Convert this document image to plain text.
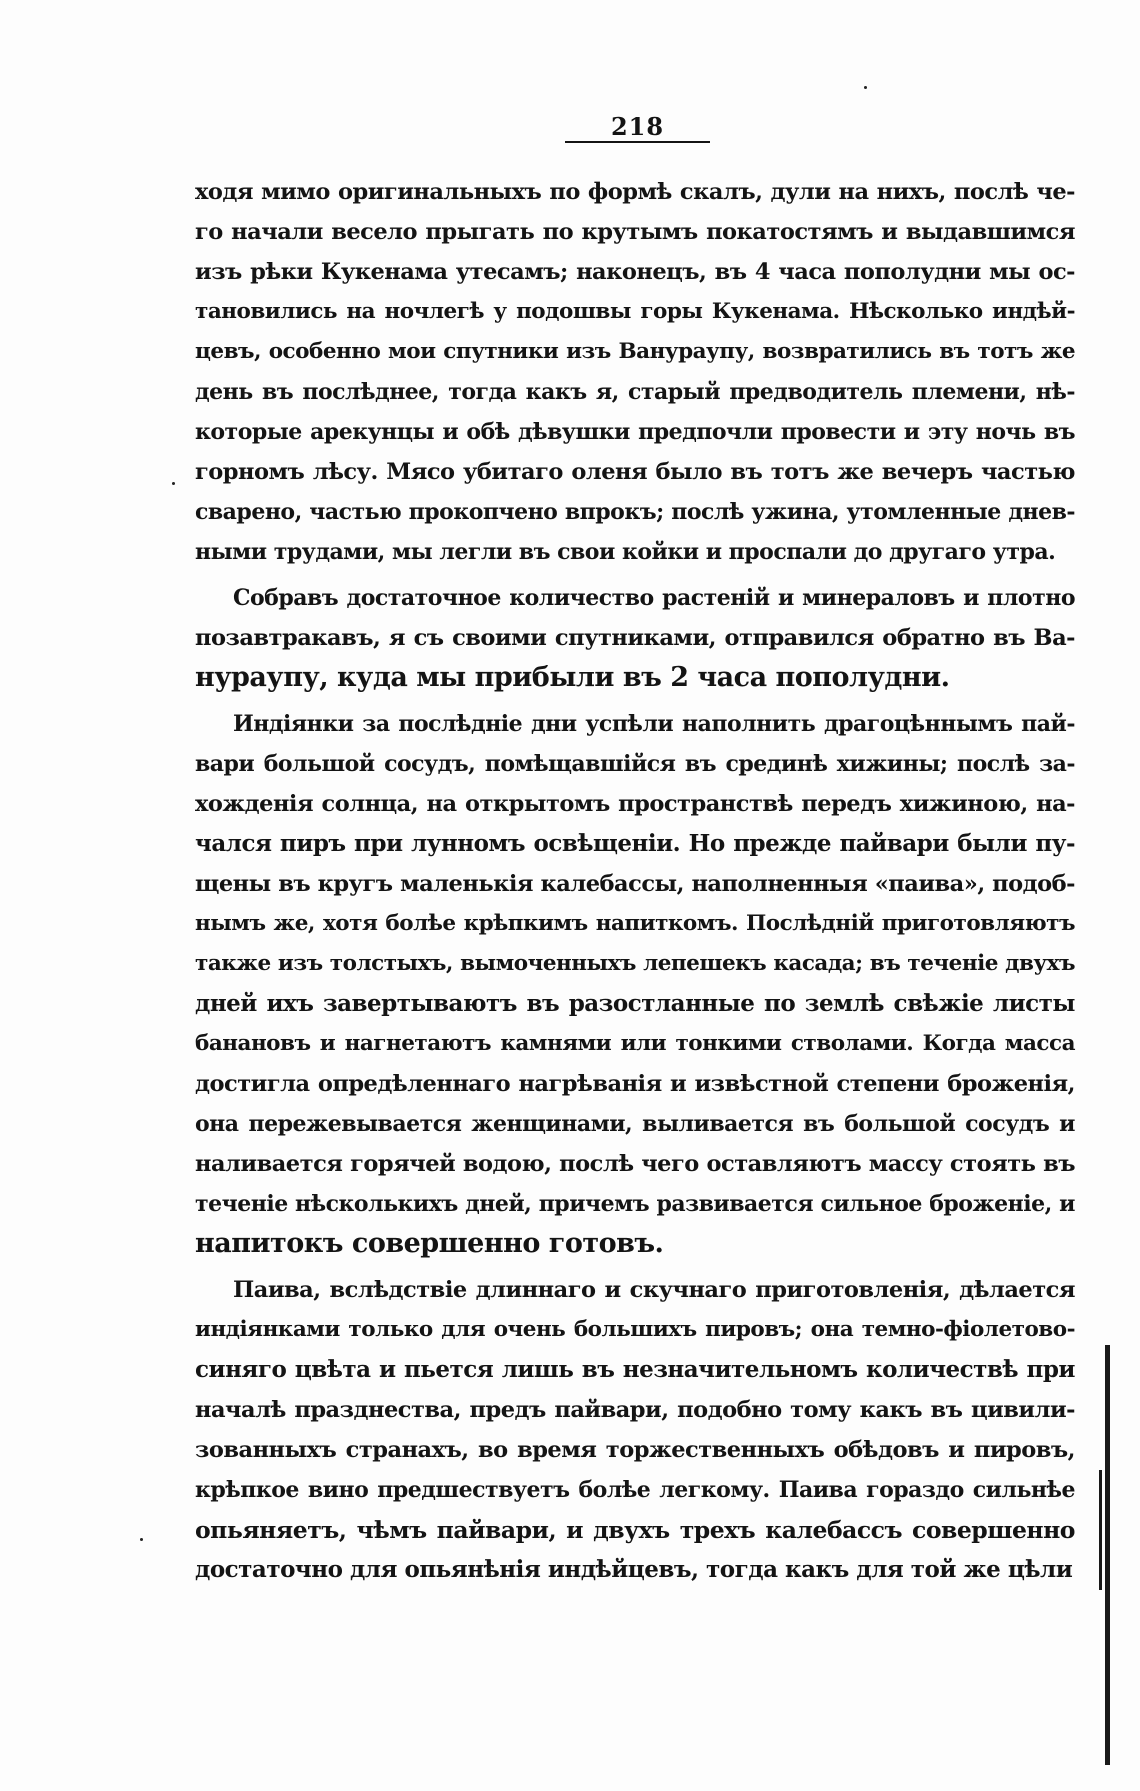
218
ходя мимо оригинальныхъ по формѣ скалъ, дули на нихъ, послѣ че-
го начали весело прыгать по крутымъ покатостямъ и выдавшимся
изъ рѣки Кукенама утесамъ; наконецъ, въ 4 часа пополудни мы ос-
тановились на ночлегѣ у подошвы горы Кукенама. Нѣсколько индѣй-
цевъ, особенно мои спутники изъ Ванураупу, возвратились въ тотъ же
день въ послѣднее, тогда какъ я, старый предводитель племени, нѣ-
которые арекунцы и обѣ дѣвушки предпочли провести и эту ночь въ
горномъ лѣсу. Мясо убитаго оленя было въ тотъ же вечеръ частью
сварено, частью прокопчено впрокъ; послѣ ужина, утомленные днев-
ными трудами, мы легли въ свои койки и проспали до другаго утра.
Собравъ достаточное количество растеній и минераловъ и плотно
позавтракавъ, я съ своими спутниками, отправился обратно въ Ва-
нураупу, куда мы прибыли въ 2 часа пополудни.
Индіянки за послѣдніе дни успѣли наполнить драгоцѣннымъ пай-
вари большой сосудъ, помѣщавшійся въ срединѣ хижины; послѣ за-
хожденія солнца, на открытомъ пространствѣ передъ хижиною, на-
чался пиръ при лунномъ освѣщеніи. Но прежде пайвари были пу-
щены въ кругъ маленькія калебассы, наполненныя «паива», подоб-
нымъ же, хотя болѣе крѣпкимъ напиткомъ. Послѣдній приготовляютъ
также изъ толстыхъ, вымоченныхъ лепешекъ касада; въ теченіе двухъ
дней ихъ завертываютъ въ разостланные по землѣ свѣжіе листы
банановъ и нагнетаютъ камнями или тонкими стволами. Когда масса
достигла опредѣленнаго нагрѣванія и извѣстной степени броженія,
она пережевывается женщинами, выливается въ большой сосудъ и
наливается горячей водою, послѣ чего оставляютъ массу стоять въ
теченіе нѣсколькихъ дней, причемъ развивается сильное броженіе, и
напитокъ совершенно готовъ.
Паива, вслѣдствіе длиннаго и скучнаго приготовленія, дѣлается
индіянками только для очень большихъ пировъ; она темно-фіолетово-
синяго цвѣта и пьется лишь въ незначительномъ количествѣ при
началѣ празднества, предъ пайвари, подобно тому какъ въ цивили-
зованныхъ странахъ, во время торжественныхъ обѣдовъ и пировъ,
крѣпкое вино предшествуетъ болѣе легкому. Паива гораздо сильнѣе
опьяняетъ, чѣмъ пайвари, и двухъ трехъ калебассъ совершенно
достаточно для опьянѣнія индѣйцевъ, тогда какъ для той же цѣли
